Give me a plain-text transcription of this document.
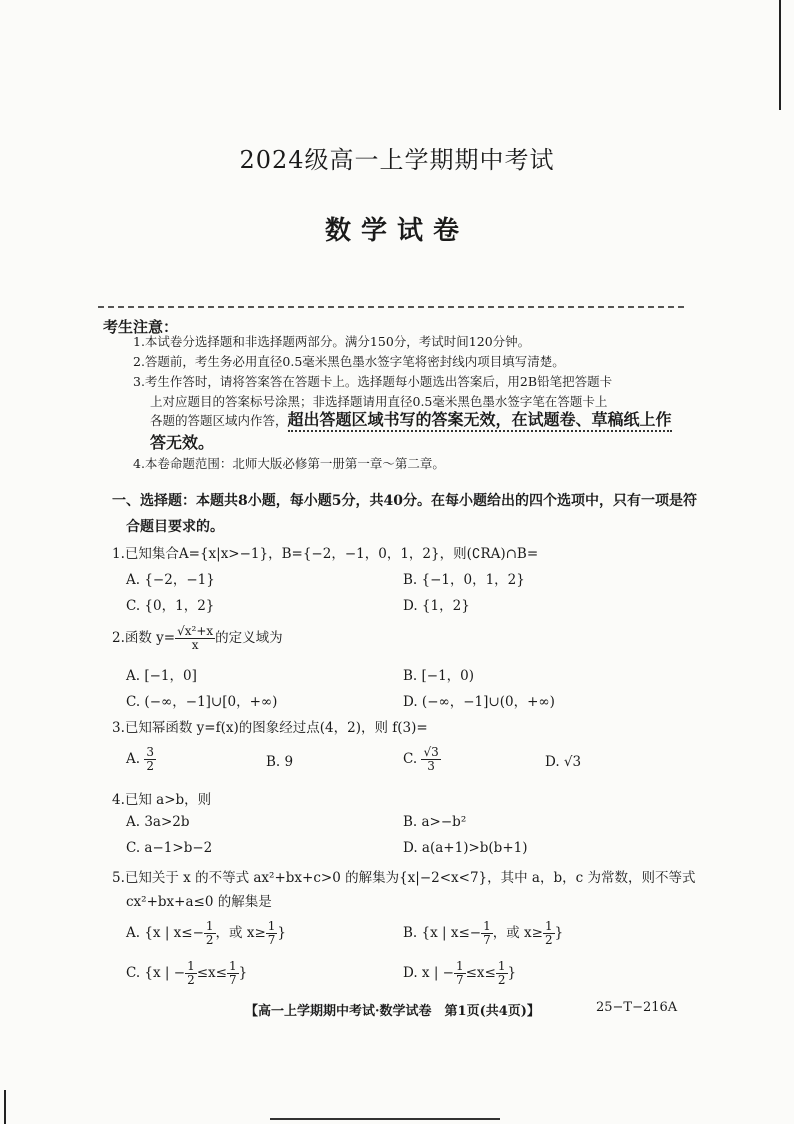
2024级高一上学期期中考试
数学试卷
考生注意：
1.本试卷分选择题和非选择题两部分。满分150分，考试时间120分钟。
2.答题前，考生务必用直径0.5毫米黑色墨水签字笔将密封线内项目填写清楚。
3.考生作答时，请将答案答在答题卡上。选择题每小题选出答案后，用2B铅笔把答题卡
上对应题目的答案标号涂黑；非选择题请用直径0.5毫米黑色墨水签字笔在答题卡上
各题的答题区域内作答，超出答题区域书写的答案无效，在试题卷、草稿纸上作
答无效。
4.本卷命题范围：北师大版必修第一册第一章～第二章。
一、选择题：本题共8小题，每小题5分，共40分。在每小题给出的四个选项中，只有一项是符
合题目要求的。
1.已知集合A={x|x>−1}，B={−2，−1，0，1，2}，则(∁RA)∩B=
A. {−2，−1}	B. {−1，0，1，2}
C. {0，1，2}	D. {1，2}
2.函数 $y= \frac{\text{√x²+x}}{x}$ 的定义域为
A. [−1，0]	B. [−1，0)
C. (−∞，−1]∪[0，+∞)	D. (−∞，−1]∪(0，+∞)
3.已知幂函数 y=f(x)的图象经过点(4，2)，则 f(3)=
A. $\frac{3}{2}$	B. 9	C. $\frac{√3}{3}$	D. √3
4.已知 a>b，则
A. 3a>2b	B. a>−b²
C. a−1>b−2	D. a(a+1)>b(b+1)
5.已知关于 x 的不等式 ax²+bx+c>0 的解集为{x|−2<x<7}，其中 a，b，c 为常数，则不等式
cx²+bx+a≤0 的解集是
A. {x | $x\le- \frac{1}{2}$ ，或 $x\ge \frac{1}{7}$ }	B. {x | $x\le- \frac{1}{7}$ ，或 $x\ge \frac{1}{2}$ }
C. {x | − $\frac{1}{2} \le x\le \frac{1}{7}$ }	D. x | − $\frac{1}{7} \le x\le \frac{1}{2}$ }
【高一上学期期中考试·数学试卷　第1页(共4页)】	25−T−216A
